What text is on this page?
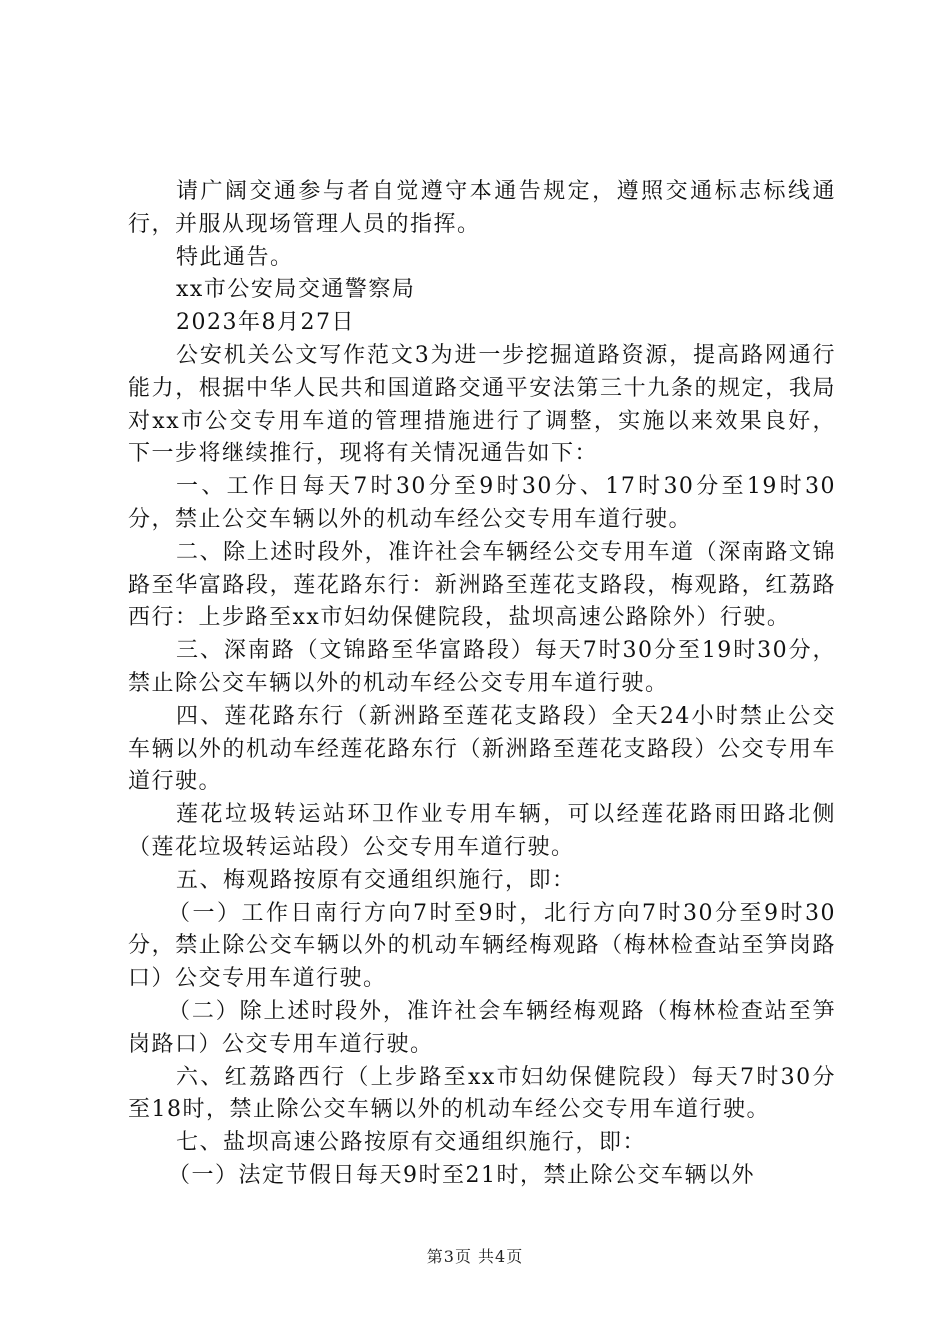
请广阔交通参与者自觉遵守本通告规定，遵照交通标志标线通行，并服从现场管理人员的指挥。

特此通告。

xx市公安局交通警察局

2023年8月27日

公安机关公文写作范文3为进一步挖掘道路资源，提高路网通行能力，根据中华人民共和国道路交通平安法第三十九条的规定，我局对xx市公交专用车道的管理措施进行了调整，实施以来效果良好，下一步将继续推行，现将有关情况通告如下：

一、工作日每天7时30分至9时30分、17时30分至19时30分，禁止公交车辆以外的机动车经公交专用车道行驶。

二、除上述时段外，准许社会车辆经公交专用车道（深南路文锦路至华富路段，莲花路东行：新洲路至莲花支路段，梅观路，红荔路西行：上步路至xx市妇幼保健院段，盐坝高速公路除外）行驶。

三、深南路（文锦路至华富路段）每天7时30分至19时30分，禁止除公交车辆以外的机动车经公交专用车道行驶。

四、莲花路东行（新洲路至莲花支路段）全天24小时禁止公交车辆以外的机动车经莲花路东行（新洲路至莲花支路段）公交专用车道行驶。

莲花垃圾转运站环卫作业专用车辆，可以经莲花路雨田路北侧（莲花垃圾转运站段）公交专用车道行驶。

五、梅观路按原有交通组织施行，即：

（一）工作日南行方向7时至9时，北行方向7时30分至9时30分，禁止除公交车辆以外的机动车辆经梅观路（梅林检查站至笋岗路口）公交专用车道行驶。

（二）除上述时段外，准许社会车辆经梅观路（梅林检查站至笋岗路口）公交专用车道行驶。

六、红荔路西行（上步路至xx市妇幼保健院段）每天7时30分至18时，禁止除公交车辆以外的机动车经公交专用车道行驶。

七、盐坝高速公路按原有交通组织施行，即：

（一）法定节假日每天9时至21时，禁止除公交车辆以外

第3页 共4页
